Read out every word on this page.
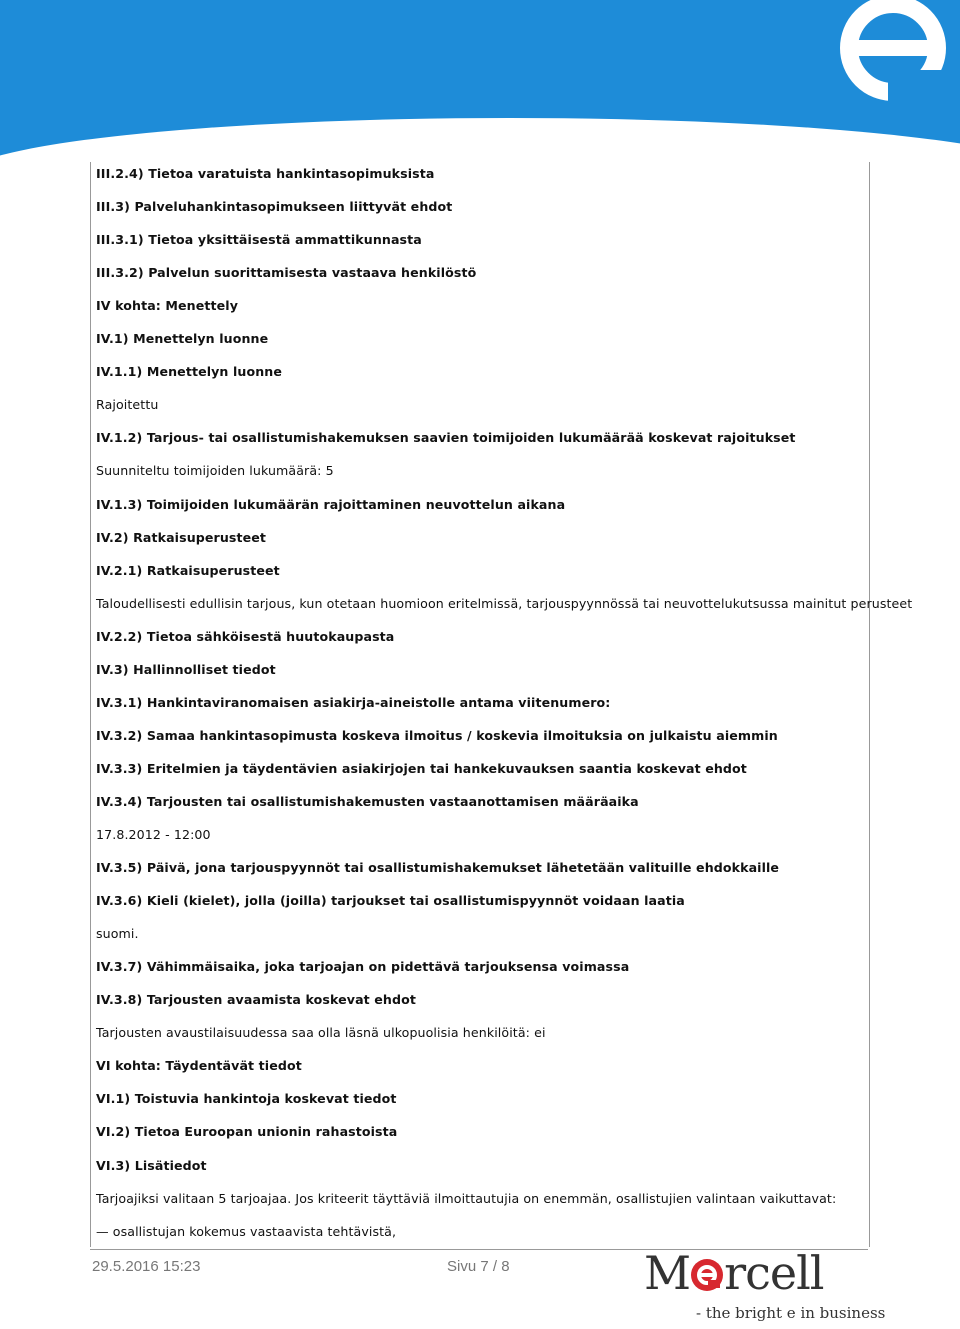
III.2.4) Tietoa varatuista hankintasopimuksista
III.3) Palveluhankintasopimukseen liittyvät ehdot
III.3.1) Tietoa yksittäisestä ammattikunnasta
III.3.2) Palvelun suorittamisesta vastaava henkilöstö
IV kohta: Menettely
IV.1) Menettelyn luonne
IV.1.1) Menettelyn luonne
Rajoitettu
IV.1.2) Tarjous- tai osallistumishakemuksen saavien toimijoiden lukumäärää koskevat rajoitukset
Suunniteltu toimijoiden lukumäärä: 5
IV.1.3) Toimijoiden lukumäärän rajoittaminen neuvottelun aikana
IV.2) Ratkaisuperusteet
IV.2.1) Ratkaisuperusteet
Taloudellisesti edullisin tarjous, kun otetaan huomioon eritelmissä, tarjouspyynnössä tai neuvottelukutsussa mainitut perusteet
IV.2.2) Tietoa sähköisestä huutokaupasta
IV.3) Hallinnolliset tiedot
IV.3.1) Hankintaviranomaisen asiakirja-aineistolle antama viitenumero:
IV.3.2) Samaa hankintasopimusta koskeva ilmoitus / koskevia ilmoituksia on julkaistu aiemmin
IV.3.3) Eritelmien ja täydentävien asiakirjojen tai hankekuvauksen saantia koskevat ehdot
IV.3.4) Tarjousten tai osallistumishakemusten vastaanottamisen määräaika
17.8.2012 - 12:00
IV.3.5) Päivä, jona tarjouspyynnöt tai osallistumishakemukset lähetetään valituille ehdokkaille
IV.3.6) Kieli (kielet), jolla (joilla) tarjoukset tai osallistumispyynnöt voidaan laatia
suomi.
IV.3.7) Vähimmäisaika, joka tarjoajan on pidettävä tarjouksensa voimassa
IV.3.8) Tarjousten avaamista koskevat ehdot
Tarjousten avaustilaisuudessa saa olla läsnä ulkopuolisia henkilöitä: ei
VI kohta: Täydentävät tiedot
VI.1) Toistuvia hankintoja koskevat tiedot
VI.2) Tietoa Euroopan unionin rahastoista
VI.3) Lisätiedot
Tarjoajiksi valitaan 5 tarjoajaa. Jos kriteerit täyttäviä ilmoittautujia on enemmän, osallistujien valintaan vaikuttavat:
— osallistujan kokemus vastaavista tehtävistä,
29.5.2016 15:23	Sivu 7 / 8	M rcell
- the bright e in business
